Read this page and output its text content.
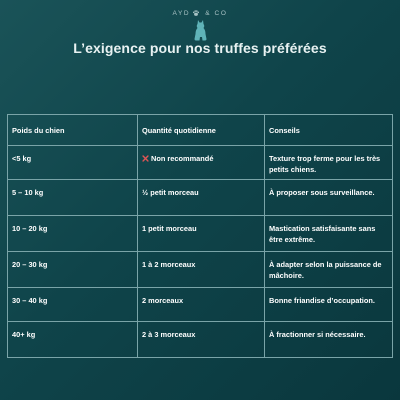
AYD & CO
L’exigence pour nos truffes préférées
Poids du chien	Quantité quotidienne	Conseils
<5 kg	Non recommandé	Texture trop ferme pour les très petits chiens.
5 – 10 kg	½ petit morceau	À proposer sous surveillance.
10 – 20 kg	1 petit morceau	Mastication satisfaisante sans être extrême.
20 – 30 kg	1 à 2 morceaux	À adapter selon la puissance de mâchoire.
30 – 40 kg	2 morceaux	Bonne friandise d’occupation.
40+ kg	2 à 3 morceaux	À fractionner si nécessaire.
